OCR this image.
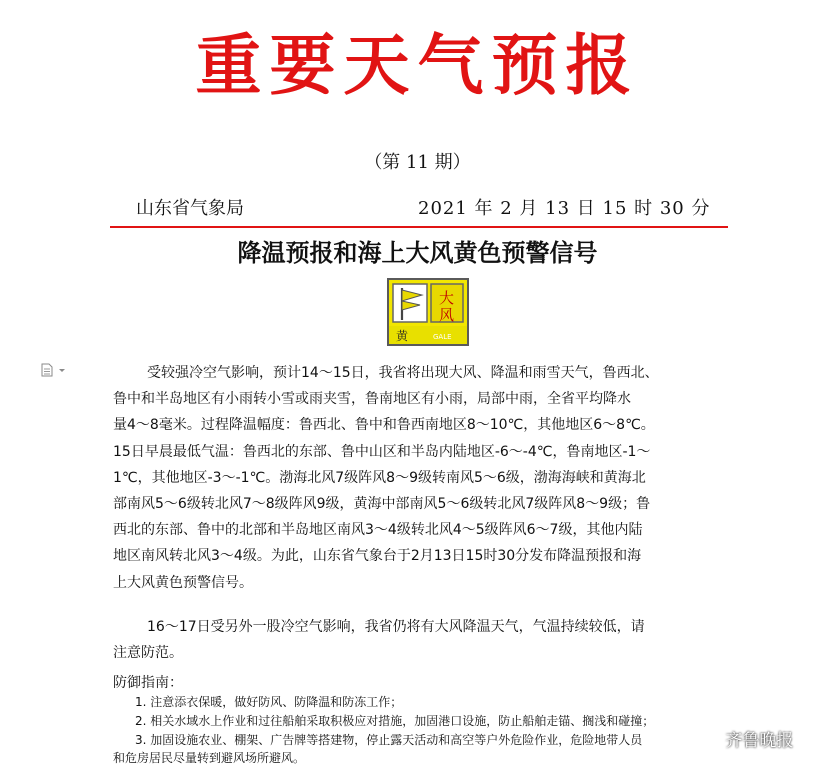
重要天气预报
（第 11 期）
山东省气象局	2021 年 2 月 13 日 15 时 30 分
降温预报和海上大风黄色预警信号
黄
大
风
GALE
受较强冷空气影响，预计14～15日，我省将出现大风、降温和雨雪天气，鲁西北、
鲁中和半岛地区有小雨转小雪或雨夹雪，鲁南地区有小雨，局部中雨，全省平均降水
量4～8毫米。过程降温幅度：鲁西北、鲁中和鲁西南地区8～10℃，其他地区6～8℃。
15日早晨最低气温：鲁西北的东部、鲁中山区和半岛内陆地区-6～-4℃，鲁南地区-1～
1℃，其他地区-3～-1℃。渤海北风7级阵风8～9级转南风5～6级，渤海海峡和黄海北
部南风5～6级转北风7～8级阵风9级，黄海中部南风5～6级转北风7级阵风8～9级；鲁
西北的东部、鲁中的北部和半岛地区南风3～4级转北风4～5级阵风6～7级，其他内陆
地区南风转北风3～4级。为此，山东省气象台于2月13日15时30分发布降温预报和海
上大风黄色预警信号。
16～17日受另外一股冷空气影响，我省仍将有大风降温天气，气温持续较低，请
注意防范。
防御指南：
1. 注意添衣保暖，做好防风、防降温和防冻工作；
2. 相关水域水上作业和过往船舶采取积极应对措施，加固港口设施，防止船舶走锚、搁浅和碰撞；
3. 加固设施农业、棚架、广告牌等搭建物，停止露天活动和高空等户外危险作业，危险地带人员
和危房居民尽量转到避风场所避风。
齐鲁晚报
